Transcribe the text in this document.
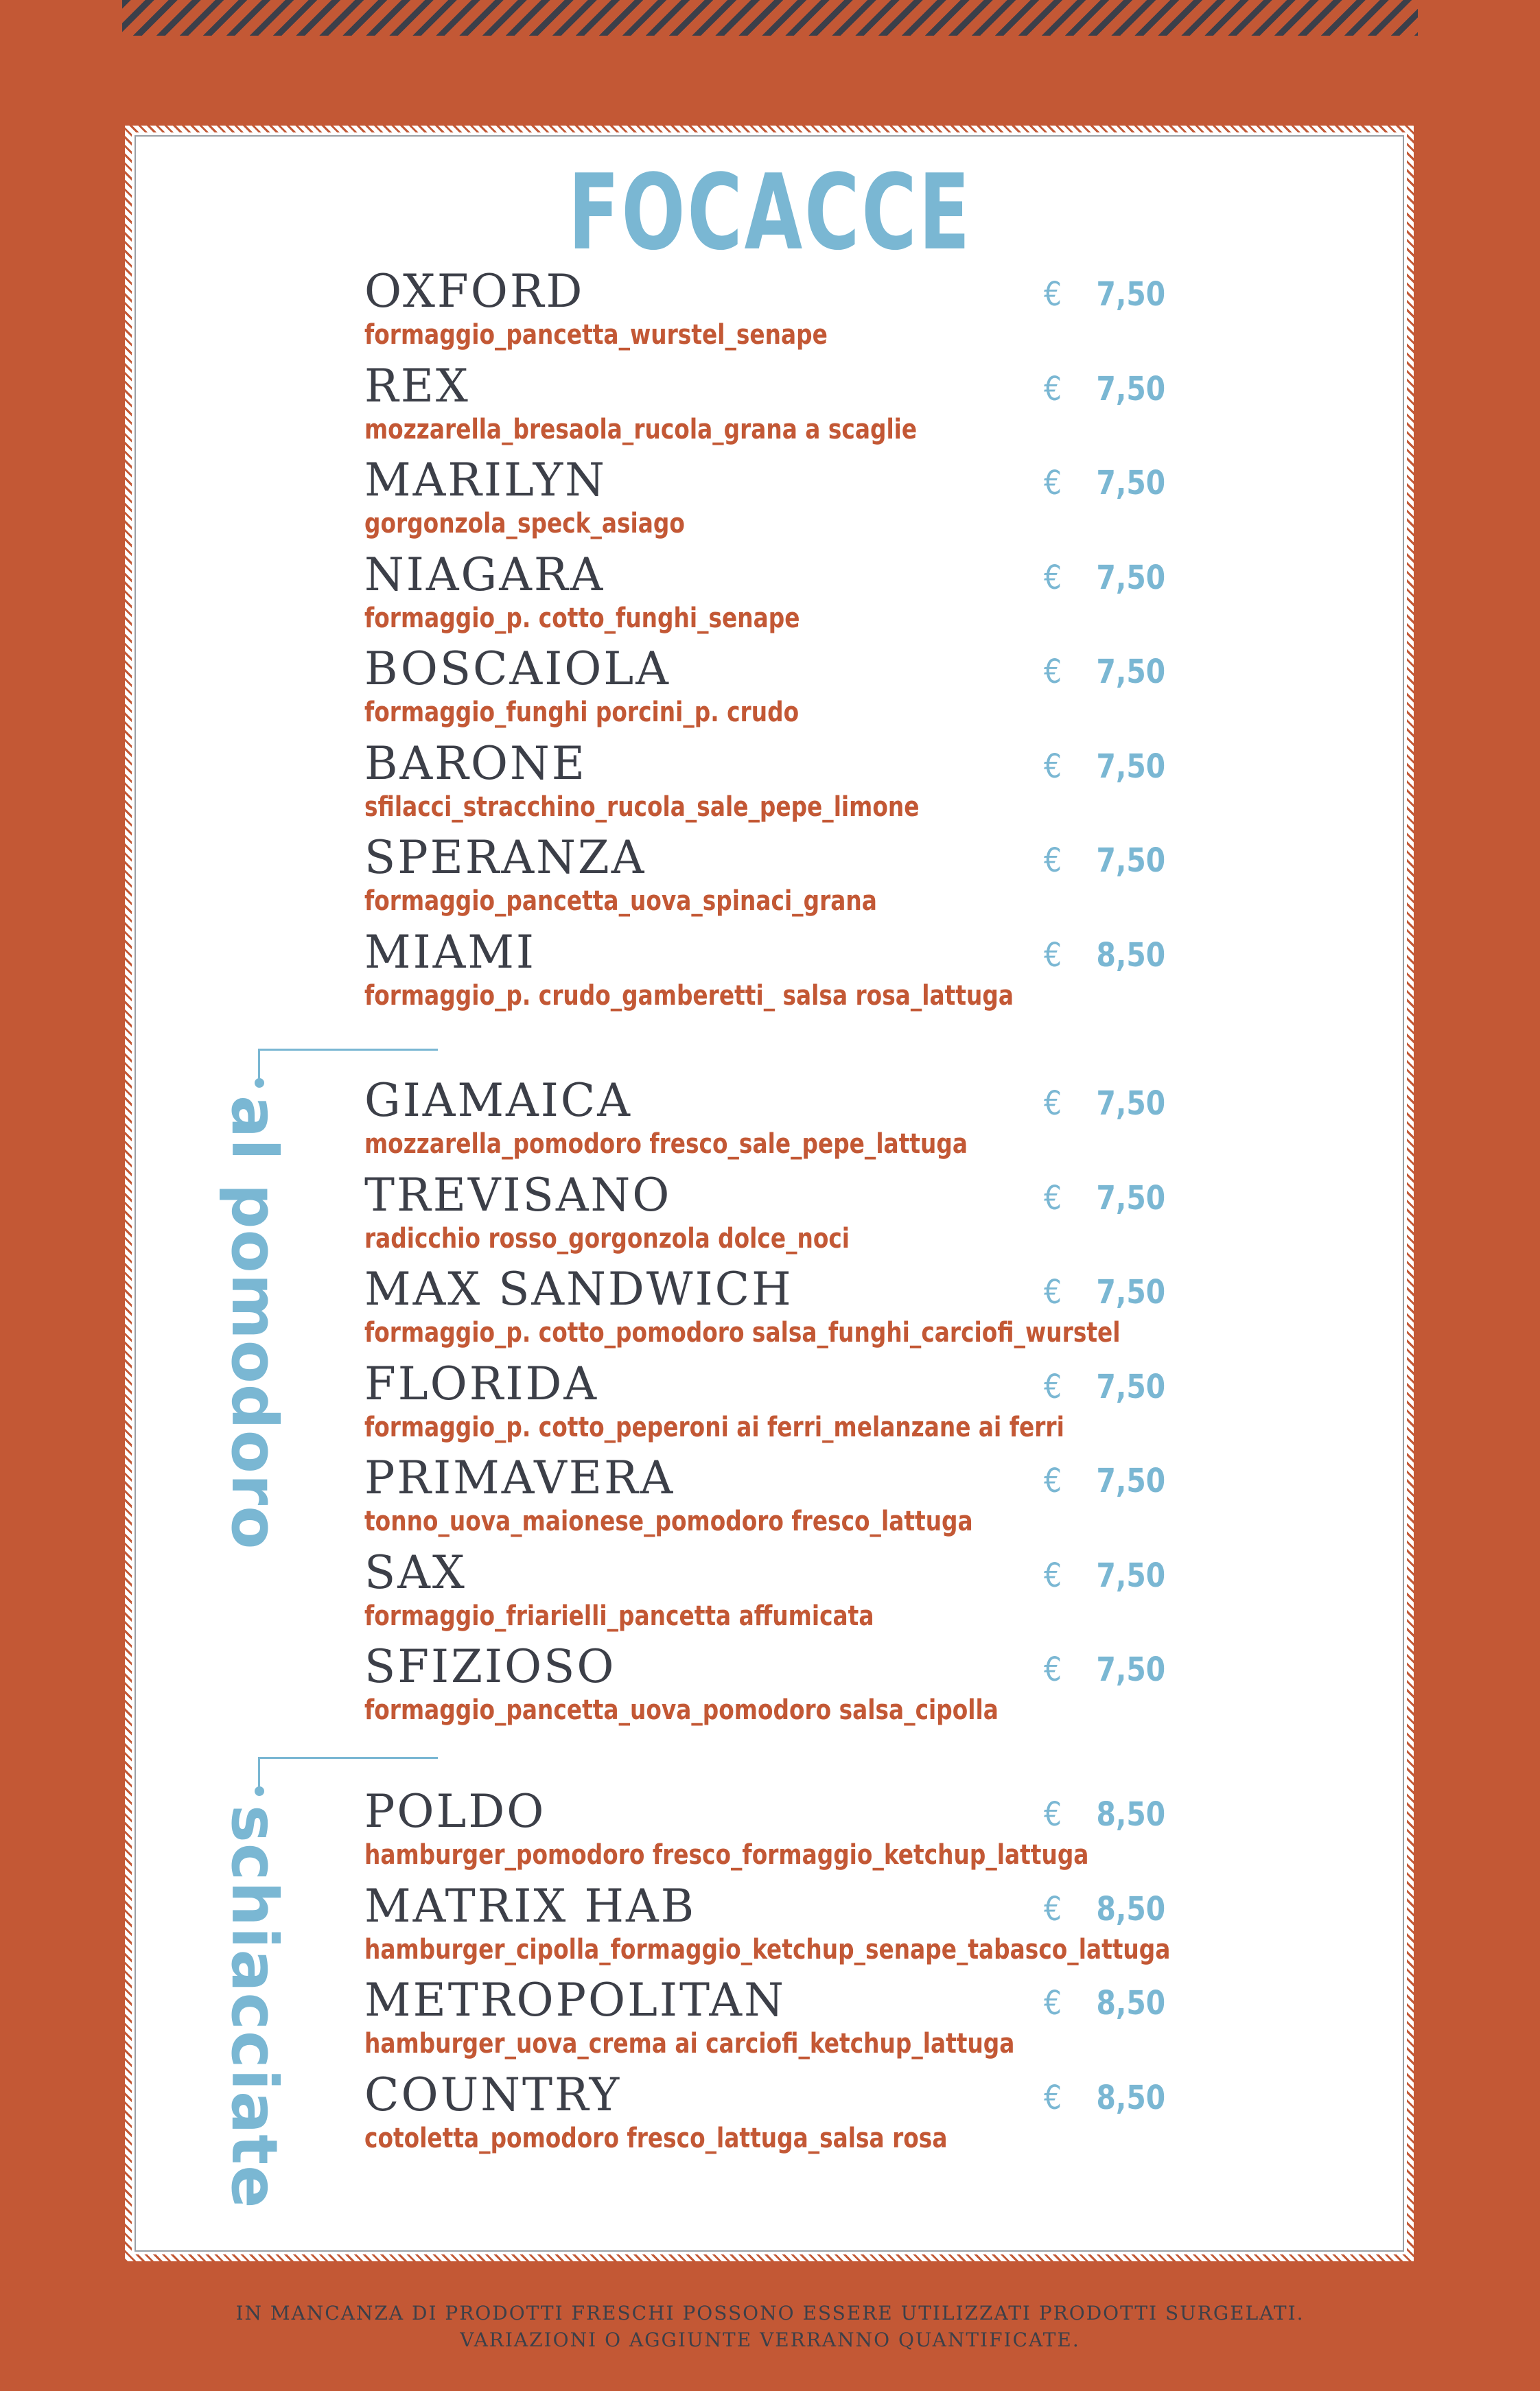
FOCACCE
al pomodoro
schiacciate
OXFORD
formaggio_pancetta_wurstel_senape
€ 7,50
REX
mozzarella_bresaola_rucola_grana a scaglie
€ 7,50
MARILYN
gorgonzola_speck_asiago
€ 7,50
NIAGARA
formaggio_p. cotto_funghi_senape
€ 7,50
BOSCAIOLA
formaggio_funghi porcini_p. crudo
€ 7,50
BARONE
sfilacci_stracchino_rucola_sale_pepe_limone
€ 7,50
SPERANZA
formaggio_pancetta_uova_spinaci_grana
€ 7,50
MIAMI
formaggio_p. crudo_gamberetti_ salsa rosa_lattuga
€ 8,50
GIAMAICA
mozzarella_pomodoro fresco_sale_pepe_lattuga
€ 7,50
TREVISANO
radicchio rosso_gorgonzola dolce_noci
€ 7,50
MAX SANDWICH
formaggio_p. cotto_pomodoro salsa_funghi_carciofi_wurstel
€ 7,50
FLORIDA
formaggio_p. cotto_peperoni ai ferri_melanzane ai ferri
€ 7,50
PRIMAVERA
tonno_uova_maionese_pomodoro fresco_lattuga
€ 7,50
SAX
formaggio_friarielli_pancetta affumicata
€ 7,50
SFIZIOSO
formaggio_pancetta_uova_pomodoro salsa_cipolla
€ 7,50
POLDO
hamburger_pomodoro fresco_formaggio_ketchup_lattuga
€ 8,50
MATRIX HAB
hamburger_cipolla_formaggio_ketchup_senape_tabasco_lattuga
€ 8,50
METROPOLITAN
hamburger_uova_crema ai carciofi_ketchup_lattuga
€ 8,50
COUNTRY
cotoletta_pomodoro fresco_lattuga_salsa rosa
€ 8,50
IN MANCANZA DI PRODOTTI FRESCHI POSSONO ESSERE UTILIZZATI PRODOTTI SURGELATI.
VARIAZIONI O AGGIUNTE VERRANNO QUANTIFICATE.
